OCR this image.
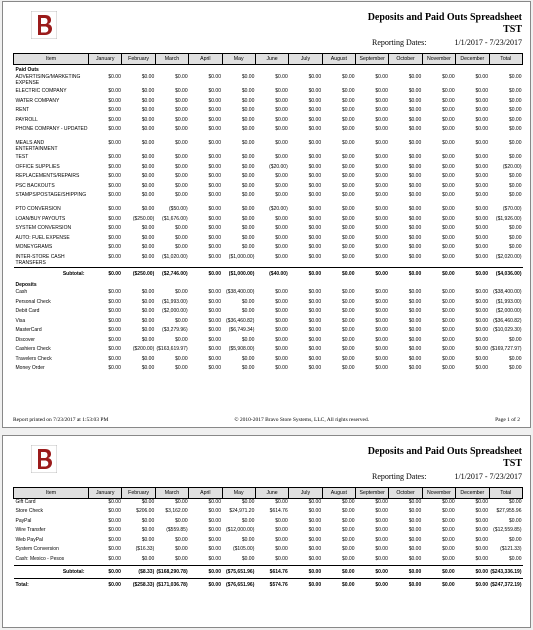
Deposits and Paid Outs Spreadsheet
TST
Reporting Dates:	1/1/2017 - 7/23/2017
Item	January	February	March	April	May	June	July	August	September	October	November	December	Total
Paid Outs													
ADVERTISING/MARKETING EXPENSE	$0.00	$0.00	$0.00	$0.00	$0.00	$0.00	$0.00	$0.00	$0.00	$0.00	$0.00	$0.00	$0.00
ELECTRIC COMPANY	$0.00	$0.00	$0.00	$0.00	$0.00	$0.00	$0.00	$0.00	$0.00	$0.00	$0.00	$0.00	$0.00
WATER COMPANY	$0.00	$0.00	$0.00	$0.00	$0.00	$0.00	$0.00	$0.00	$0.00	$0.00	$0.00	$0.00	$0.00
RENT	$0.00	$0.00	$0.00	$0.00	$0.00	$0.00	$0.00	$0.00	$0.00	$0.00	$0.00	$0.00	$0.00
PAYROLL	$0.00	$0.00	$0.00	$0.00	$0.00	$0.00	$0.00	$0.00	$0.00	$0.00	$0.00	$0.00	$0.00
PHONE COMPANY - UPDATED	$0.00	$0.00	$0.00	$0.00	$0.00	$0.00	$0.00	$0.00	$0.00	$0.00	$0.00	$0.00	$0.00
MEALS AND ENTERTAINMENT	$0.00	$0.00	$0.00	$0.00	$0.00	$0.00	$0.00	$0.00	$0.00	$0.00	$0.00	$0.00	$0.00
TEST	$0.00	$0.00	$0.00	$0.00	$0.00	$0.00	$0.00	$0.00	$0.00	$0.00	$0.00	$0.00	$0.00
OFFICE SUPPLIES	$0.00	$0.00	$0.00	$0.00	$0.00	($20.00)	$0.00	$0.00	$0.00	$0.00	$0.00	$0.00	($20.00)
REPLACEMENTS/REPAIRS	$0.00	$0.00	$0.00	$0.00	$0.00	$0.00	$0.00	$0.00	$0.00	$0.00	$0.00	$0.00	$0.00
PSC BACKOUTS	$0.00	$0.00	$0.00	$0.00	$0.00	$0.00	$0.00	$0.00	$0.00	$0.00	$0.00	$0.00	$0.00
STAMPS/POSTAGE/SHIPPING	$0.00	$0.00	$0.00	$0.00	$0.00	$0.00	$0.00	$0.00	$0.00	$0.00	$0.00	$0.00	$0.00
PTO CONVERSION	$0.00	$0.00	($50.00)	$0.00	$0.00	($20.00)	$0.00	$0.00	$0.00	$0.00	$0.00	$0.00	($70.00)
LOAN/BUY PAYOUTS	$0.00	($250.00)	($1,676.00)	$0.00	$0.00	$0.00	$0.00	$0.00	$0.00	$0.00	$0.00	$0.00	($1,926.00)
SYSTEM CONVERSION	$0.00	$0.00	$0.00	$0.00	$0.00	$0.00	$0.00	$0.00	$0.00	$0.00	$0.00	$0.00	$0.00
AUTO: FUEL EXPENSE	$0.00	$0.00	$0.00	$0.00	$0.00	$0.00	$0.00	$0.00	$0.00	$0.00	$0.00	$0.00	$0.00
MONEYGRAMS	$0.00	$0.00	$0.00	$0.00	$0.00	$0.00	$0.00	$0.00	$0.00	$0.00	$0.00	$0.00	$0.00
INTER-STORE CASH TRANSFERS	$0.00	$0.00	($1,020.00)	$0.00	($1,000.00)	$0.00	$0.00	$0.00	$0.00	$0.00	$0.00	$0.00	($2,020.00)
Subtotal:	$0.00	($250.00)	($2,746.00)	$0.00	($1,000.00)	($40.00)	$0.00	$0.00	$0.00	$0.00	$0.00	$0.00	($4,036.00)
Deposits													
Cash	$0.00	$0.00	$0.00	$0.00	($38,400.00)	$0.00	$0.00	$0.00	$0.00	$0.00	$0.00	$0.00	($38,400.00)
Personal Check	$0.00	$0.00	($1,993.00)	$0.00	$0.00	$0.00	$0.00	$0.00	$0.00	$0.00	$0.00	$0.00	($1,993.00)
Debit Card	$0.00	$0.00	($2,000.00)	$0.00	$0.00	$0.00	$0.00	$0.00	$0.00	$0.00	$0.00	$0.00	($2,000.00)
Visa	$0.00	$0.00	$0.00	$0.00	($36,460.82)	$0.00	$0.00	$0.00	$0.00	$0.00	$0.00	$0.00	($36,460.82)
MasterCard	$0.00	$0.00	($3,279.96)	$0.00	($6,749.34)	$0.00	$0.00	$0.00	$0.00	$0.00	$0.00	$0.00	($10,029.30)
Discover	$0.00	$0.00	$0.00	$0.00	$0.00	$0.00	$0.00	$0.00	$0.00	$0.00	$0.00	$0.00	$0.00
Cashiers Check	$0.00	($200.00)	($163,619.97)	$0.00	($5,908.00)	$0.00	$0.00	$0.00	$0.00	$0.00	$0.00	$0.00	($169,727.97)
Travelers Check	$0.00	$0.00	$0.00	$0.00	$0.00	$0.00	$0.00	$0.00	$0.00	$0.00	$0.00	$0.00	$0.00
Money Order	$0.00	$0.00	$0.00	$0.00	$0.00	$0.00	$0.00	$0.00	$0.00	$0.00	$0.00	$0.00	$0.00
Report printed on 7/23/2017 at 1:53:03 PM	© 2010-2017 Bravo Store Systems, LLC, All rights reserved.	Page 1 of 2
Deposits and Paid Outs Spreadsheet
TST
Reporting Dates:	1/1/2017 - 7/23/2017
Item	January	February	March	April	May	June	July	August	September	October	November	December	Total
Gift Card	$0.00	$0.00	$0.00	$0.00	$0.00	$0.00	$0.00	$0.00	$0.00	$0.00	$0.00	$0.00	$0.00
Store Check	$0.00	$206.00	$3,162.00	$0.00	$24,971.20	$614.76	$0.00	$0.00	$0.00	$0.00	$0.00	$0.00	$27,955.96
PayPal	$0.00	$0.00	$0.00	$0.00	$0.00	$0.00	$0.00	$0.00	$0.00	$0.00	$0.00	$0.00	$0.00
Wire Transfer	$0.00	$0.00	($559.85)	$0.00	($12,000.00)	$0.00	$0.00	$0.00	$0.00	$0.00	$0.00	$0.00	($12,559.85)
Web PayPal	$0.00	$0.00	$0.00	$0.00	$0.00	$0.00	$0.00	$0.00	$0.00	$0.00	$0.00	$0.00	$0.00
System Conversion	$0.00	($16.33)	$0.00	$0.00	($105.00)	$0.00	$0.00	$0.00	$0.00	$0.00	$0.00	$0.00	($121.33)
Cash: Mexico - Pesos	$0.00	$0.00	$0.00	$0.00	$0.00	$0.00	$0.00	$0.00	$0.00	$0.00	$0.00	$0.00	$0.00
Subtotal:	$0.00	($8.33)	($168,290.78)	$0.00	($75,651.96)	$614.76	$0.00	$0.00	$0.00	$0.00	$0.00	$0.00	($243,336.19)
Total:	$0.00	($258.33)	($171,036.78)	$0.00	($76,651.96)	$574.76	$0.00	$0.00	$0.00	$0.00	$0.00	$0.00	($247,372.19)
